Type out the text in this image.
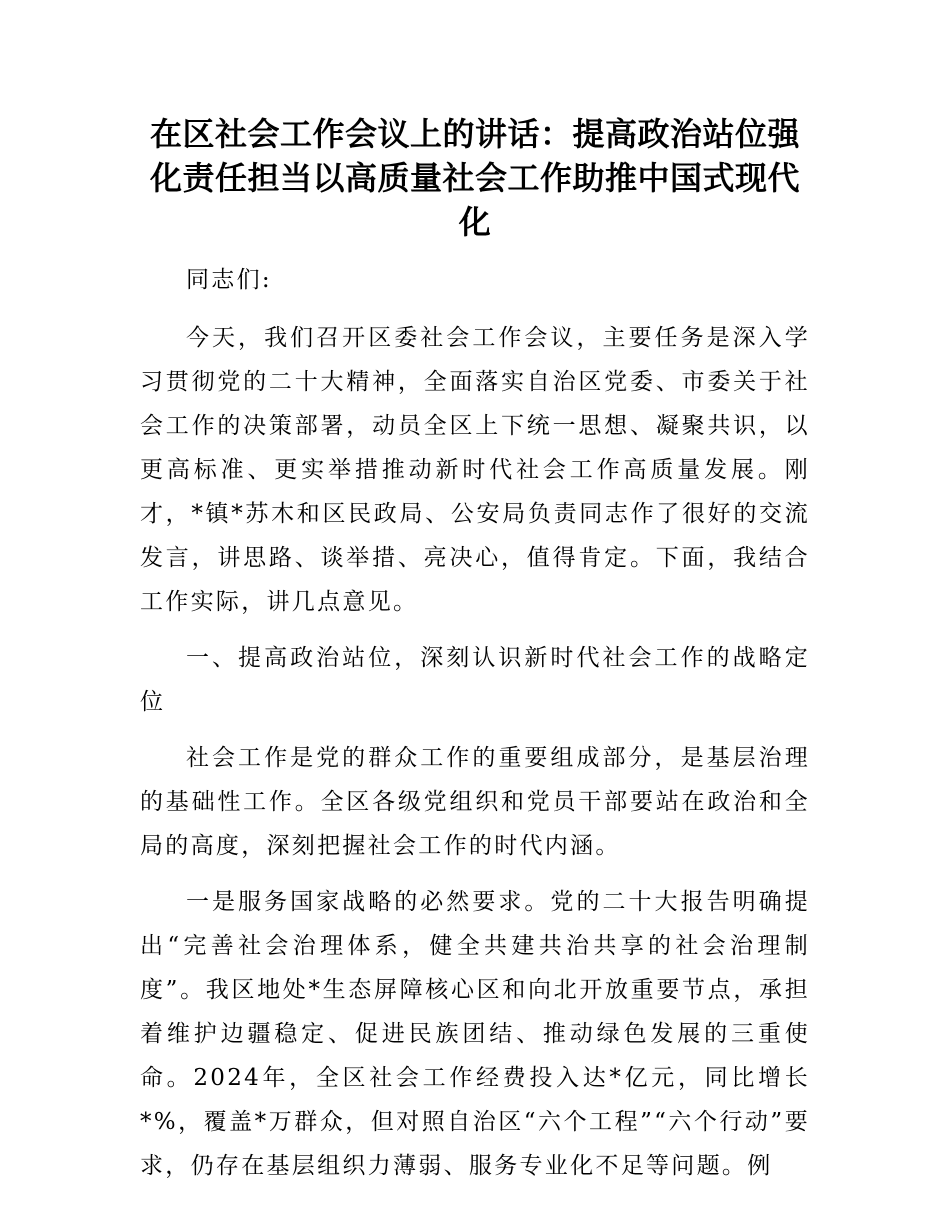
在区社会工作会议上的讲话：提高政治站位强化责任担当以高质量社会工作助推中国式现代化

同志们:

今天，我们召开区委社会工作会议，主要任务是深入学习贯彻党的二十大精神，全面落实自治区党委、市委关于社会工作的决策部署，动员全区上下统一思想、凝聚共识，以更高标准、更实举措推动新时代社会工作高质量发展。刚才，*镇*苏木和区民政局、公安局负责同志作了很好的交流发言，讲思路、谈举措、亮决心，值得肯定。下面，我结合工作实际，讲几点意见。

一、提高政治站位，深刻认识新时代社会工作的战略定位

社会工作是党的群众工作的重要组成部分，是基层治理的基础性工作。全区各级党组织和党员干部要站在政治和全局的高度，深刻把握社会工作的时代内涵。

一是服务国家战略的必然要求。党的二十大报告明确提出“完善社会治理体系，健全共建共治共享的社会治理制度”。我区地处*生态屏障核心区和向北开放重要节点，承担着维护边疆稳定、促进民族团结、推动绿色发展的三重使命。2024年，全区社会工作经费投入达*亿元，同比增长*%，覆盖*万群众，但对照自治区“六个工程”“六个行动”要求，仍存在基层组织力薄弱、服务专业化不足等问题。例
